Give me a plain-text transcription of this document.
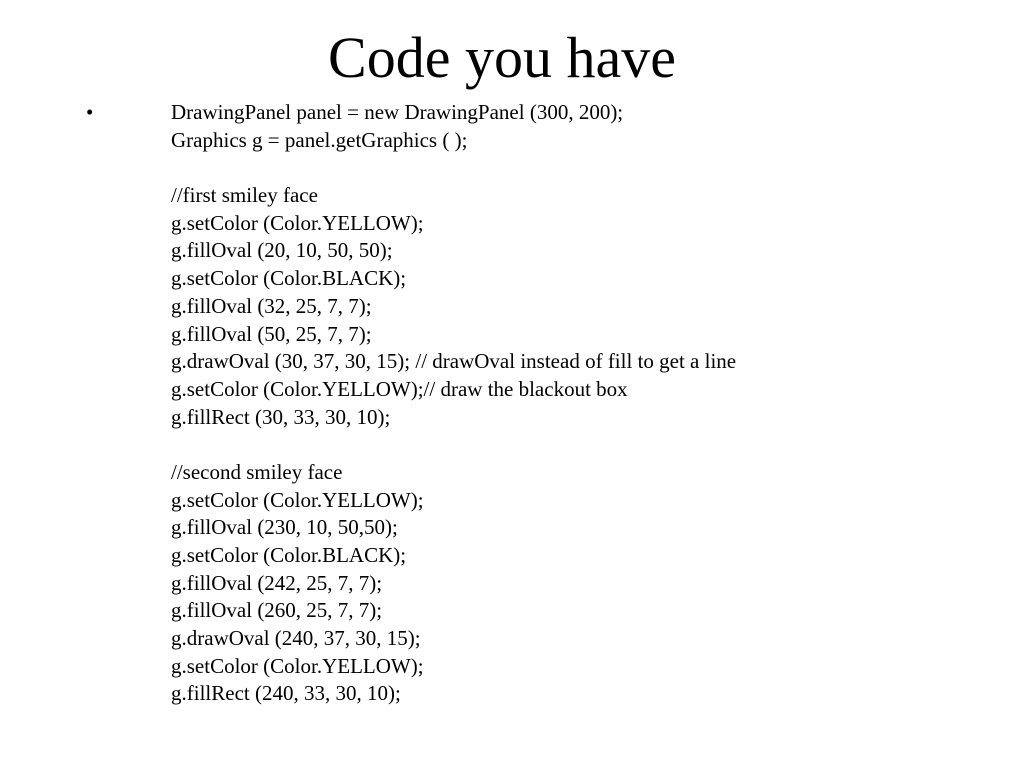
Code you have
•	DrawingPanel panel = new DrawingPanel (300, 200);
Graphics g = panel.getGraphics ( );
//first smiley face
g.setColor (Color.YELLOW);
g.fillOval (20, 10, 50, 50);
g.setColor (Color.BLACK);
g.fillOval (32, 25, 7, 7);
g.fillOval (50, 25, 7, 7);
g.drawOval (30, 37, 30, 15); // drawOval instead of fill to get a line
g.setColor (Color.YELLOW);// draw the blackout box
g.fillRect (30, 33, 30, 10);
//second smiley face
g.setColor (Color.YELLOW);
g.fillOval (230, 10, 50,50);
g.setColor (Color.BLACK);
g.fillOval (242, 25, 7, 7);
g.fillOval (260, 25, 7, 7);
g.drawOval (240, 37, 30, 15);
g.setColor (Color.YELLOW);
g.fillRect (240, 33, 30, 10);
